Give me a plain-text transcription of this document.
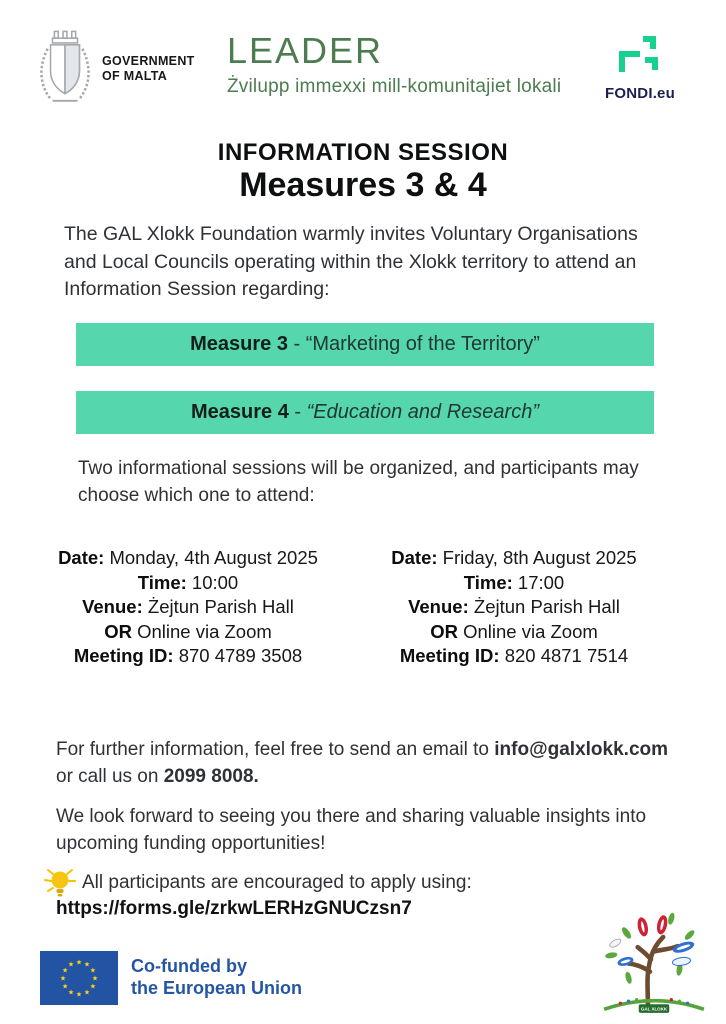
GOVERNMENT
OF MALTA
LEADER
Żvilupp immexxi mill-komunitajiet lokali	FONDI.eu
INFORMATION SESSION
Measures 3 & 4
The GAL Xlokk Foundation warmly invites Voluntary Organisations and Local Councils operating within the Xlokk territory to attend an Information Session regarding:
Measure 3 - “Marketing of the Territory”
Measure 4 - “Education and Research”
Two informational sessions will be organized, and participants may choose which one to attend:
Date: Monday, 4th August 2025
Time: 10:00
Venue: Żejtun Parish Hall
OR Online via Zoom
Meeting ID: 870 4789 3508
Date: Friday, 8th August 2025
Time: 17:00
Venue: Żejtun Parish Hall
OR Online via Zoom
Meeting ID: 820 4871 7514
For further information, feel free to send an email to info@galxlokk.com
or call us on 2099 8008.
We look forward to seeing you there and sharing valuable insights into upcoming funding opportunities!
All participants are encouraged to apply using:
https://forms.gle/zrkwLERHzGNUCzsn7
★ ★
★
★
★
★
★
★
★
★
★
★	Co-funded by
the European Union
GAL XLOKK
